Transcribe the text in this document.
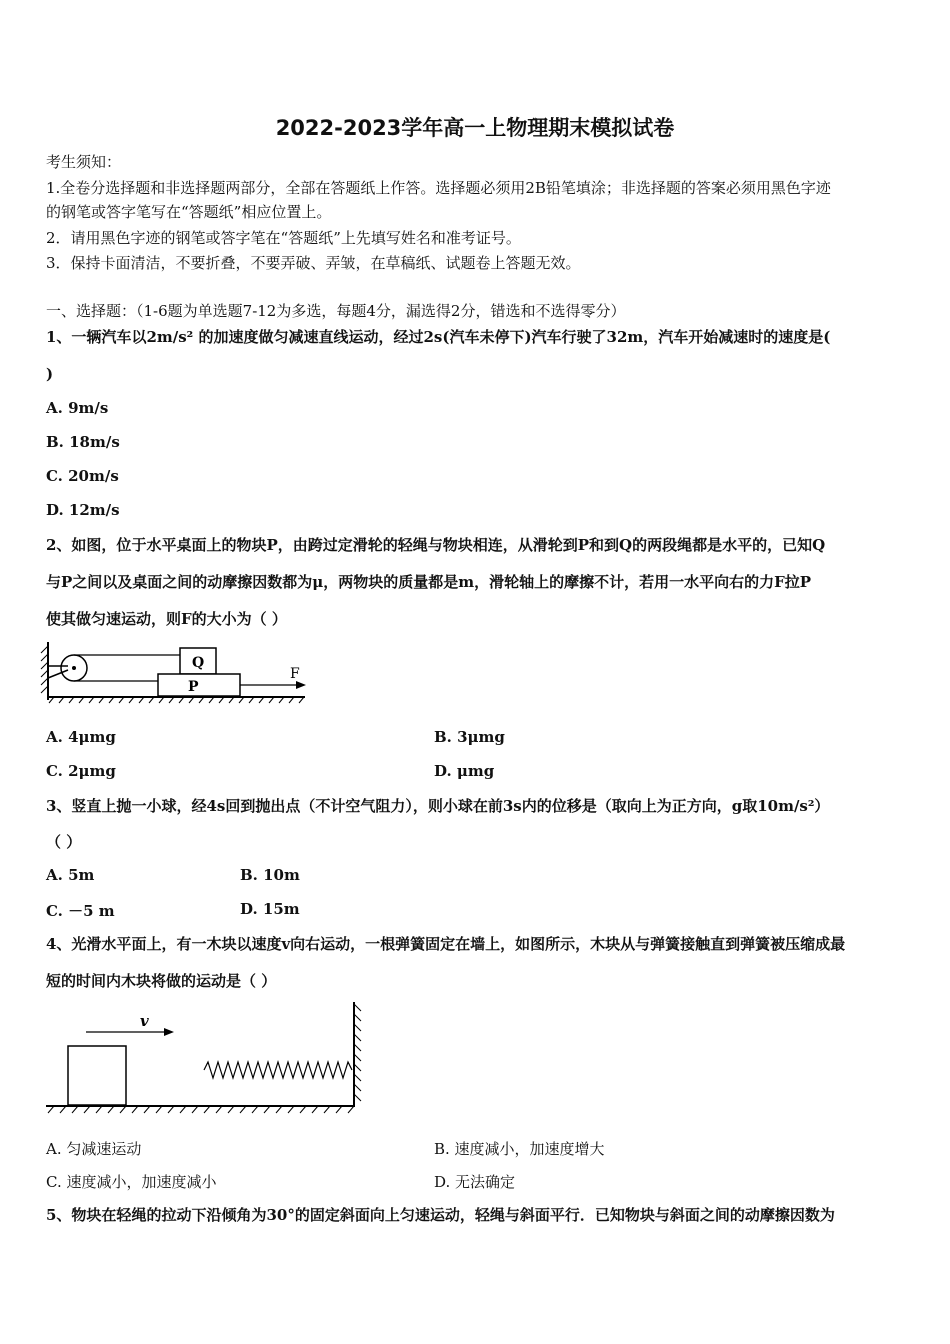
2022-2023学年高一上物理期末模拟试卷
考生须知：
1.全卷分选择题和非选择题两部分，全部在答题纸上作答。选择题必须用2B铅笔填涂；非选择题的答案必须用黑色字迹
的钢笔或答字笔写在“答题纸”相应位置上。
2．请用黑色字迹的钢笔或答字笔在“答题纸”上先填写姓名和准考证号。
3．保持卡面清洁，不要折叠，不要弄破、弄皱，在草稿纸、试题卷上答题无效。
一、选择题：（1-6题为单选题7-12为多选，每题4分，漏选得2分，错选和不选得零分）
1、一辆汽车以2m/s² 的加速度做匀减速直线运动，经过2s(汽车未停下)汽车行驶了32m，汽车开始减速时的速度是(
)
A. 9m/s
B. 18m/s
C. 20m/s
D. 12m/s
2、如图，位于水平桌面上的物块P，由跨过定滑轮的轻绳与物块相连，从滑轮到P和到Q的两段绳都是水平的，已知Q
与P之间以及桌面之间的动摩擦因数都为μ，两物块的质量都是m，滑轮轴上的摩擦不计，若用一水平向右的力F拉P
使其做匀速运动，则F的大小为（ ）
Q
P
F
A. 4μmg	B. 3μmg
C. 2μmg	D. μmg
3、竖直上抛一小球，经4s回到抛出点（不计空气阻力），则小球在前3s内的位移是（取向上为正方向，g取10m/s²）
（ ）
A. 5m	B. 10m
C. －5 m	D. 15m
4、光滑水平面上，有一木块以速度v向右运动，一根弹簧固定在墙上，如图所示，木块从与弹簧接触直到弹簧被压缩成最
短的时间内木块将做的运动是（ ）
v
A. 匀减速运动	B. 速度减小，加速度增大
C. 速度减小，加速度减小	D. 无法确定
5、物块在轻绳的拉动下沿倾角为30°的固定斜面向上匀速运动，轻绳与斜面平行．已知物块与斜面之间的动摩擦因数为
